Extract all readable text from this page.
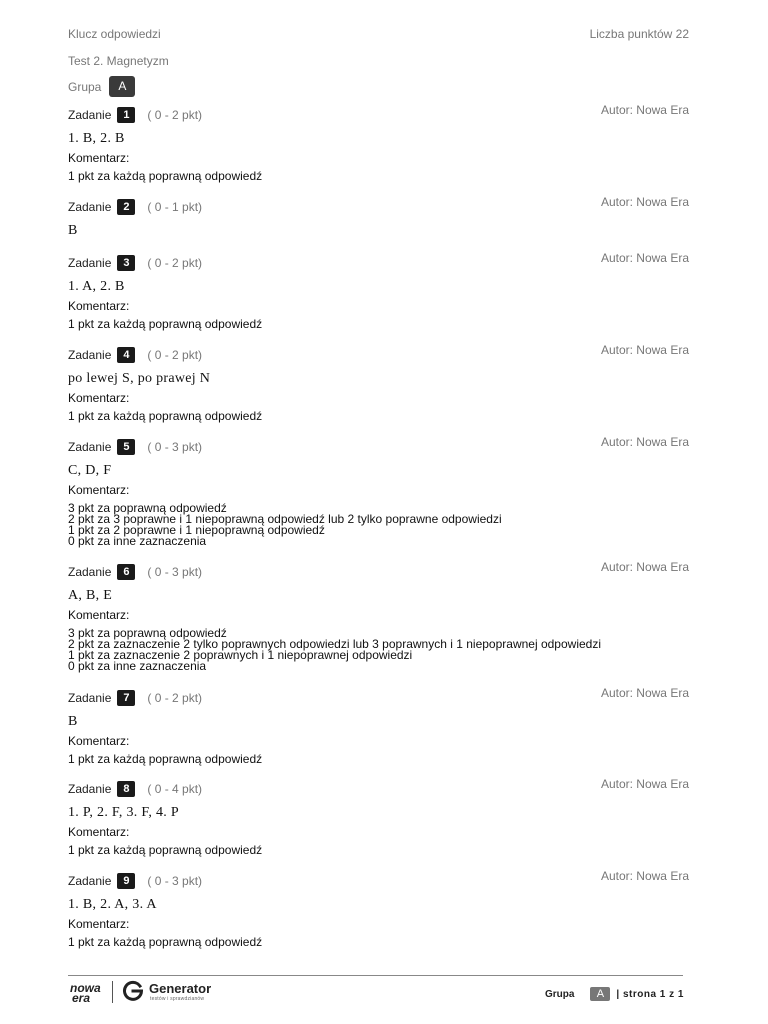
Klucz odpowiedzi	Liczba punktów 22
Test 2. Magnetyzm
Grupa	A
Zadanie	1	( 0 - 2 pkt)	Autor: Nowa Era
1. B, 2. B
Komentarz:
1 pkt za każdą poprawną odpowiedź
Zadanie	2	( 0 - 1 pkt)	Autor: Nowa Era
B
Zadanie	3	( 0 - 2 pkt)	Autor: Nowa Era
1. A, 2. B
Komentarz:
1 pkt za każdą poprawną odpowiedź
Zadanie	4	( 0 - 2 pkt)	Autor: Nowa Era
po lewej S, po prawej N
Komentarz:
1 pkt za każdą poprawną odpowiedź
Zadanie	5	( 0 - 3 pkt)	Autor: Nowa Era
C, D, F
Komentarz:
3 pkt za poprawną odpowiedź
2 pkt za 3 poprawne i 1 niepoprawną odpowiedź lub 2 tylko poprawne odpowiedzi
1 pkt za 2 poprawne i 1 niepoprawną odpowiedź
0 pkt za inne zaznaczenia
Zadanie	6	( 0 - 3 pkt)	Autor: Nowa Era
A, B, E
Komentarz:
3 pkt za poprawną odpowiedź
2 pkt za zaznaczenie 2 tylko poprawnych odpowiedzi lub 3 poprawnych i 1 niepoprawnej odpowiedzi
1 pkt za zaznaczenie 2 poprawnych i 1 niepoprawnej odpowiedzi
0 pkt za inne zaznaczenia
Zadanie	7	( 0 - 2 pkt)	Autor: Nowa Era
B
Komentarz:
1 pkt za każdą poprawną odpowiedź
Zadanie	8	( 0 - 4 pkt)	Autor: Nowa Era
1. P, 2. F, 3. F, 4. P
Komentarz:
1 pkt za każdą poprawną odpowiedź
Zadanie	9	( 0 - 3 pkt)	Autor: Nowa Era
1. B, 2. A, 3. A
Komentarz:
1 pkt za każdą poprawną odpowiedź
nowa
era
Generator
testów i sprawdzianów	Grupa	A	| strona 1 z 1
